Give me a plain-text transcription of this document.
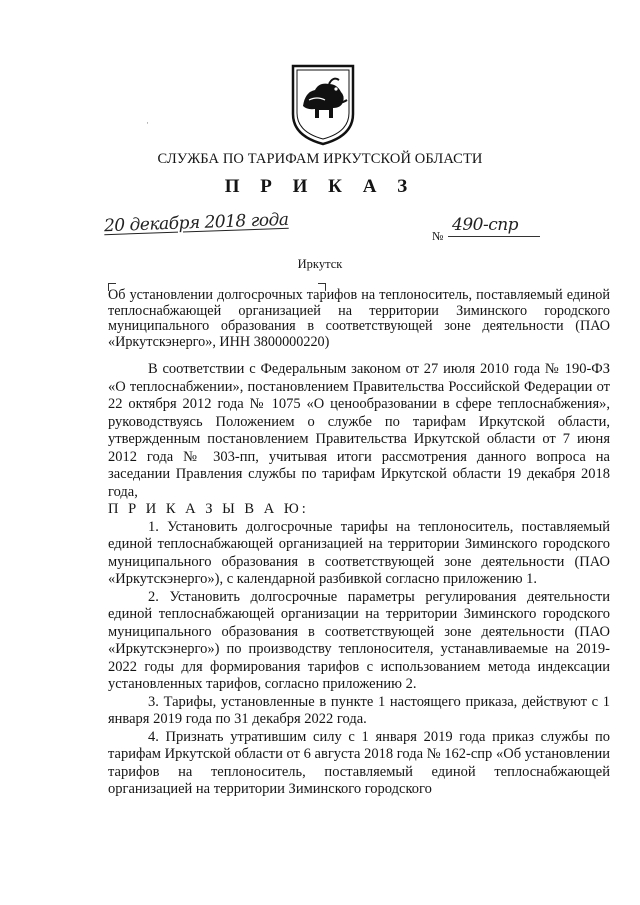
·
СЛУЖБА ПО ТАРИФАМ ИРКУТСКОЙ ОБЛАСТИ
П Р И К А З
20 декабря 2018 года	№
490-спр
Иркутск
Об установлении долгосрочных тарифов на теплоноситель, поставляемый единой теплоснабжающей организацией на территории Зиминского городского муниципального образования в соответствующей зоне деятельности (ПАО «Иркутскэнерго», ИНН 3800000220)

В соответствии с Федеральным законом от 27 июля 2010 года № 190-ФЗ «О теплоснабжении», постановлением Правительства Российской Федерации от 22 октября 2012 года № 1075 «О ценообразовании в сфере теплоснабжения», руководствуясь Положением о службе по тарифам Иркутской области, утвержденным постановлением Правительства Иркутской области от 7 июня 2012 года № 303-пп, учитывая итоги рассмотрения данного вопроса на заседании Правления службы по тарифам Иркутской области 19 декабря 2018 года,

П Р И К А З Ы В А Ю:

1. Установить долгосрочные тарифы на теплоноситель, поставляемый единой теплоснабжающей организацией на территории Зиминского городского муниципального образования в соответствующей зоне деятельности (ПАО «Иркутскэнерго»), с календарной разбивкой согласно приложению 1.

2. Установить долгосрочные параметры регулирования деятельности единой теплоснабжающей организации на территории Зиминского городского муниципального образования в соответствующей зоне деятельности (ПАО «Иркутскэнерго») по производству теплоносителя, устанавливаемые на 2019-2022 годы для формирования тарифов с использованием метода индексации установленных тарифов, согласно приложению 2.

3. Тарифы, установленные в пункте 1 настоящего приказа, действуют с 1 января 2019 года по 31 декабря 2022 года.

4. Признать утратившим силу с 1 января 2019 года приказ службы по тарифам Иркутской области от 6 августа 2018 года № 162-спр «Об установлении тарифов на теплоноситель, поставляемый единой теплоснабжающей организацией на территории Зиминского городского
